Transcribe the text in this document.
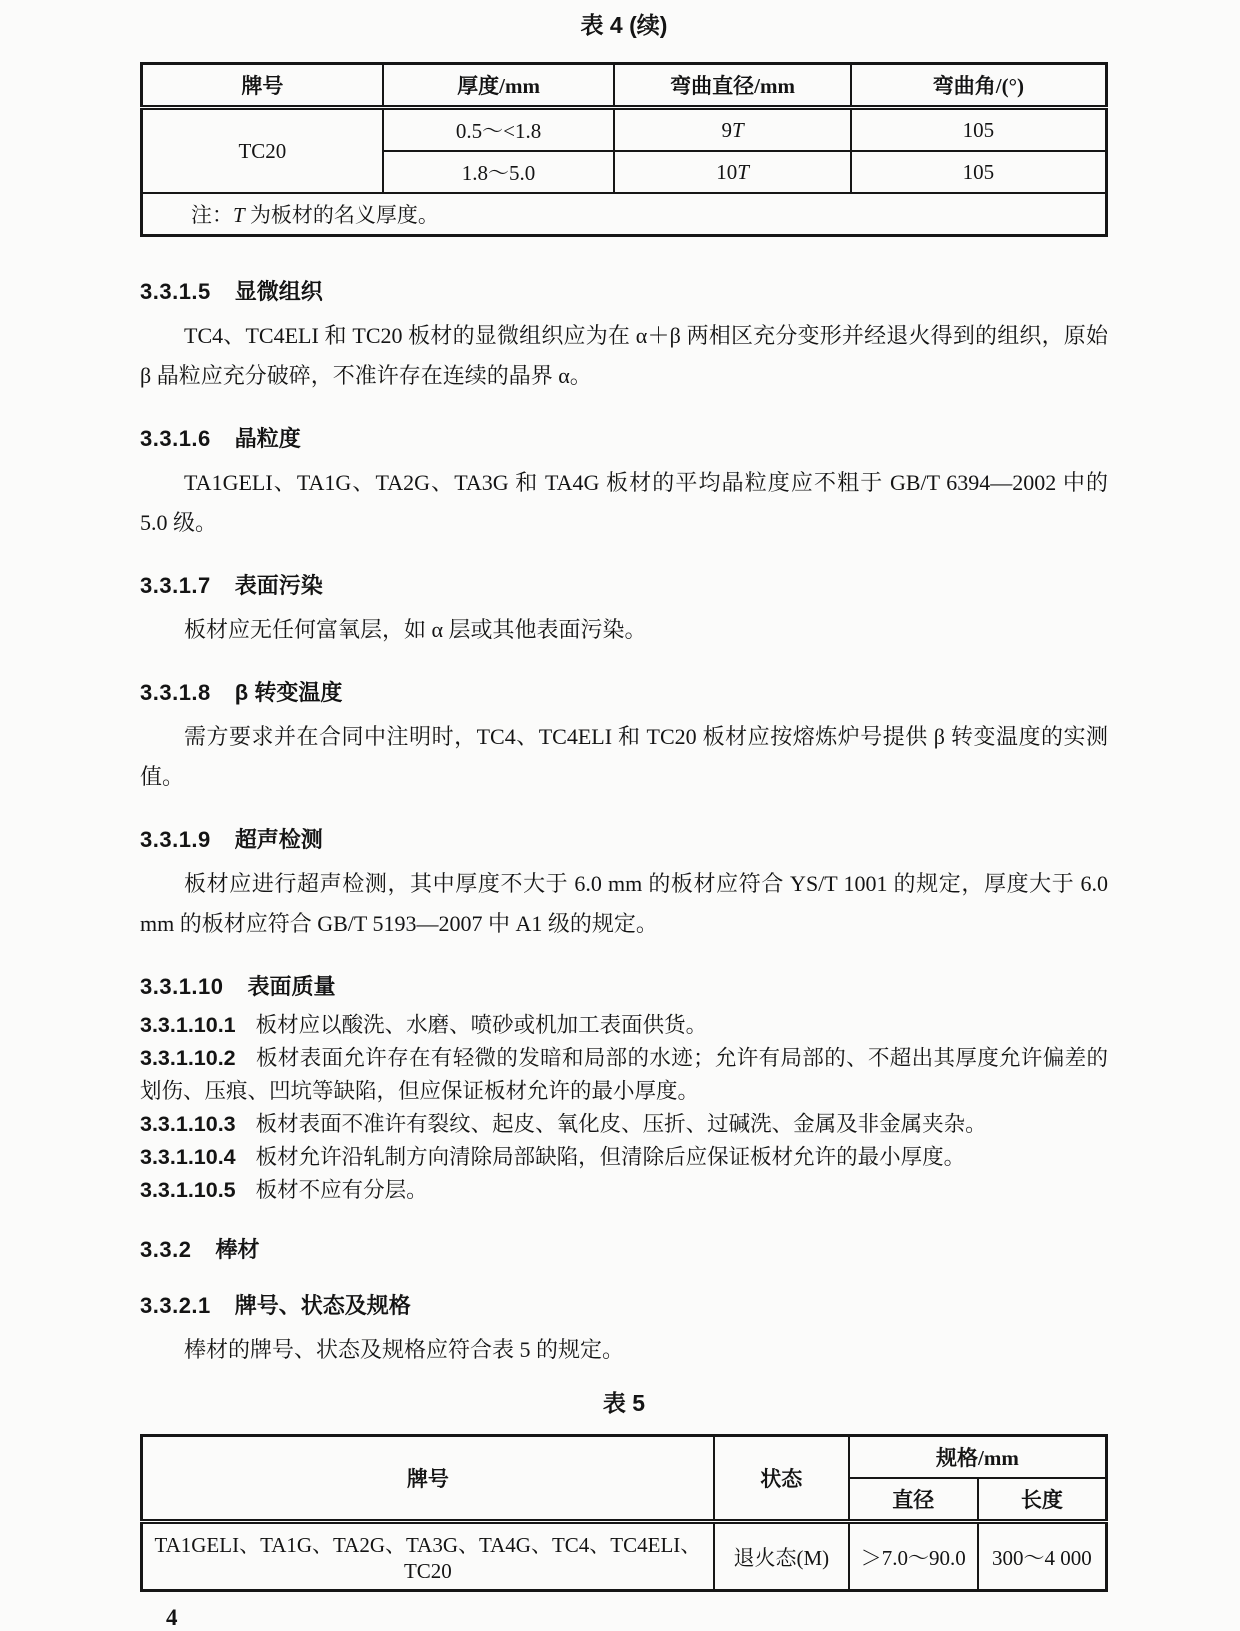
表 4 (续)
牌号	厚度/mm	弯曲直径/mm	弯曲角/(°)
TC20	0.5～<1.8	9T	105
	1.8～5.0	10T	105
注：T 为板材的名义厚度。			
3.3.1.5 显微组织

TC4、TC4ELI 和 TC20 板材的显微组织应为在 α＋β 两相区充分变形并经退火得到的组织，原始 β 晶粒应充分破碎，不准许存在连续的晶界 α。

3.3.1.6 晶粒度

TA1GELI、TA1G、TA2G、TA3G 和 TA4G 板材的平均晶粒度应不粗于 GB/T 6394—2002 中的 5.0 级。

3.3.1.7 表面污染

板材应无任何富氧层，如 α 层或其他表面污染。

3.3.1.8 β 转变温度

需方要求并在合同中注明时，TC4、TC4ELI 和 TC20 板材应按熔炼炉号提供 β 转变温度的实测值。

3.3.1.9 超声检测

板材应进行超声检测，其中厚度不大于 6.0 mm 的板材应符合 YS/T 1001 的规定，厚度大于 6.0 mm 的板材应符合 GB/T 5193—2007 中 A1 级的规定。

3.3.1.10 表面质量

3.3.1.10.1 板材应以酸洗、水磨、喷砂或机加工表面供货。

3.3.1.10.2 板材表面允许存在有轻微的发暗和局部的水迹；允许有局部的、不超出其厚度允许偏差的划伤、压痕、凹坑等缺陷，但应保证板材允许的最小厚度。

3.3.1.10.3 板材表面不准许有裂纹、起皮、氧化皮、压折、过碱洗、金属及非金属夹杂。

3.3.1.10.4 板材允许沿轧制方向清除局部缺陷，但清除后应保证板材允许的最小厚度。

3.3.1.10.5 板材不应有分层。

3.3.2 棒材
3.3.2.1 牌号、状态及规格

棒材的牌号、状态及规格应符合表 5 的规定。

表 5
牌号	状态	规格/mm	
		直径	长度
TA1GELI、TA1G、TA2G、TA3G、TA4G、TC4、TC4ELI、TC20	退火态(M)	＞7.0～90.0	300～4 000
4
